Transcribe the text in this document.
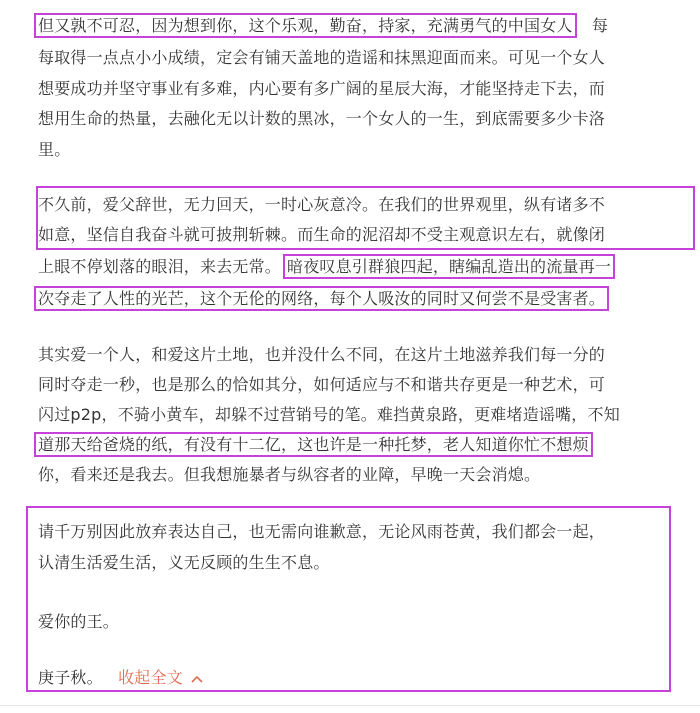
但又孰不可忍，因为想到你，这个乐观，勤奋，持家，充满勇气的中国女人 每
每取得一点点小小成绩，定会有铺天盖地的造谣和抹黑迎面而来。可见一个女人
想要成功并坚守事业有多难，内心要有多广阔的星辰大海，才能坚持走下去，而
想用生命的热量，去融化无以计数的黑冰，一个女人的一生，到底需要多少卡洛
里。
不久前，爱父辞世，无力回天，一时心灰意冷。在我们的世界观里，纵有诸多不
如意，坚信自我奋斗就可披荆斩棘。而生命的泥沼却不受主观意识左右，就像闭
上眼不停划落的眼泪，来去无常。 暗夜叹息引群狼四起，瞎编乱造出的流量再一
次夺走了人性的光芒，这个无伦的网络，每个人吸汝的同时又何尝不是受害者。
其实爱一个人，和爱这片土地，也并没什么不同，在这片土地滋养我们每一分的
同时夺走一秒，也是那么的恰如其分，如何适应与不和谐共存更是一种艺术，可
闪过p2p，不骑小黄车，却躲不过营销号的笔。难挡黄泉路，更难堵造谣嘴，不知
道那天给爸烧的纸，有没有十二亿，这也许是一种托梦，老人知道你忙不想烦
你，看来还是我去。但我想施暴者与纵容者的业障，早晚一天会消熄。
请千万别因此放弃表达自己，也无需向谁歉意，无论风雨苍黄，我们都会一起，
认清生活爱生活，义无反顾的生生不息。
爱你的王。
庚子秋。 收起全文
